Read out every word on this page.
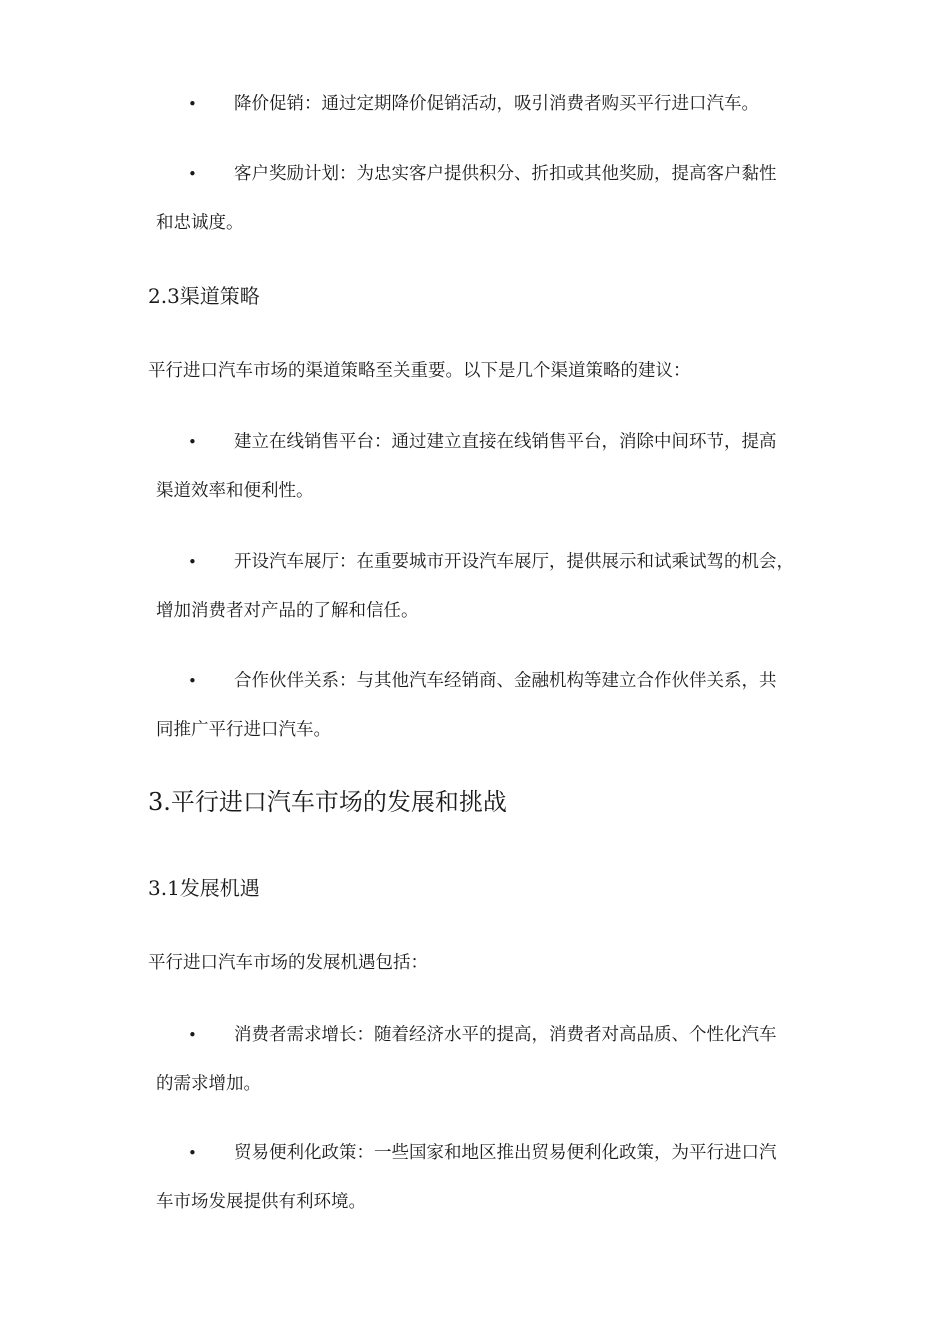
• 降价促销：通过定期降价促销活动，吸引消费者购买平行进口汽车。
• 客户奖励计划：为忠实客户提供积分、折扣或其他奖励，提高客户黏性
和忠诚度。
2.3渠道策略
平行进口汽车市场的渠道策略至关重要。以下是几个渠道策略的建议：
• 建立在线销售平台：通过建立直接在线销售平台，消除中间环节，提高
渠道效率和便利性。
• 开设汽车展厅：在重要城市开设汽车展厅，提供展示和试乘试驾的机会，
增加消费者对产品的了解和信任。
• 合作伙伴关系：与其他汽车经销商、金融机构等建立合作伙伴关系，共
同推广平行进口汽车。
3.平行进口汽车市场的发展和挑战
3.1发展机遇
平行进口汽车市场的发展机遇包括：
• 消费者需求增长：随着经济水平的提高，消费者对高品质、个性化汽车
的需求增加。
• 贸易便利化政策：一些国家和地区推出贸易便利化政策，为平行进口汽
车市场发展提供有利环境。
